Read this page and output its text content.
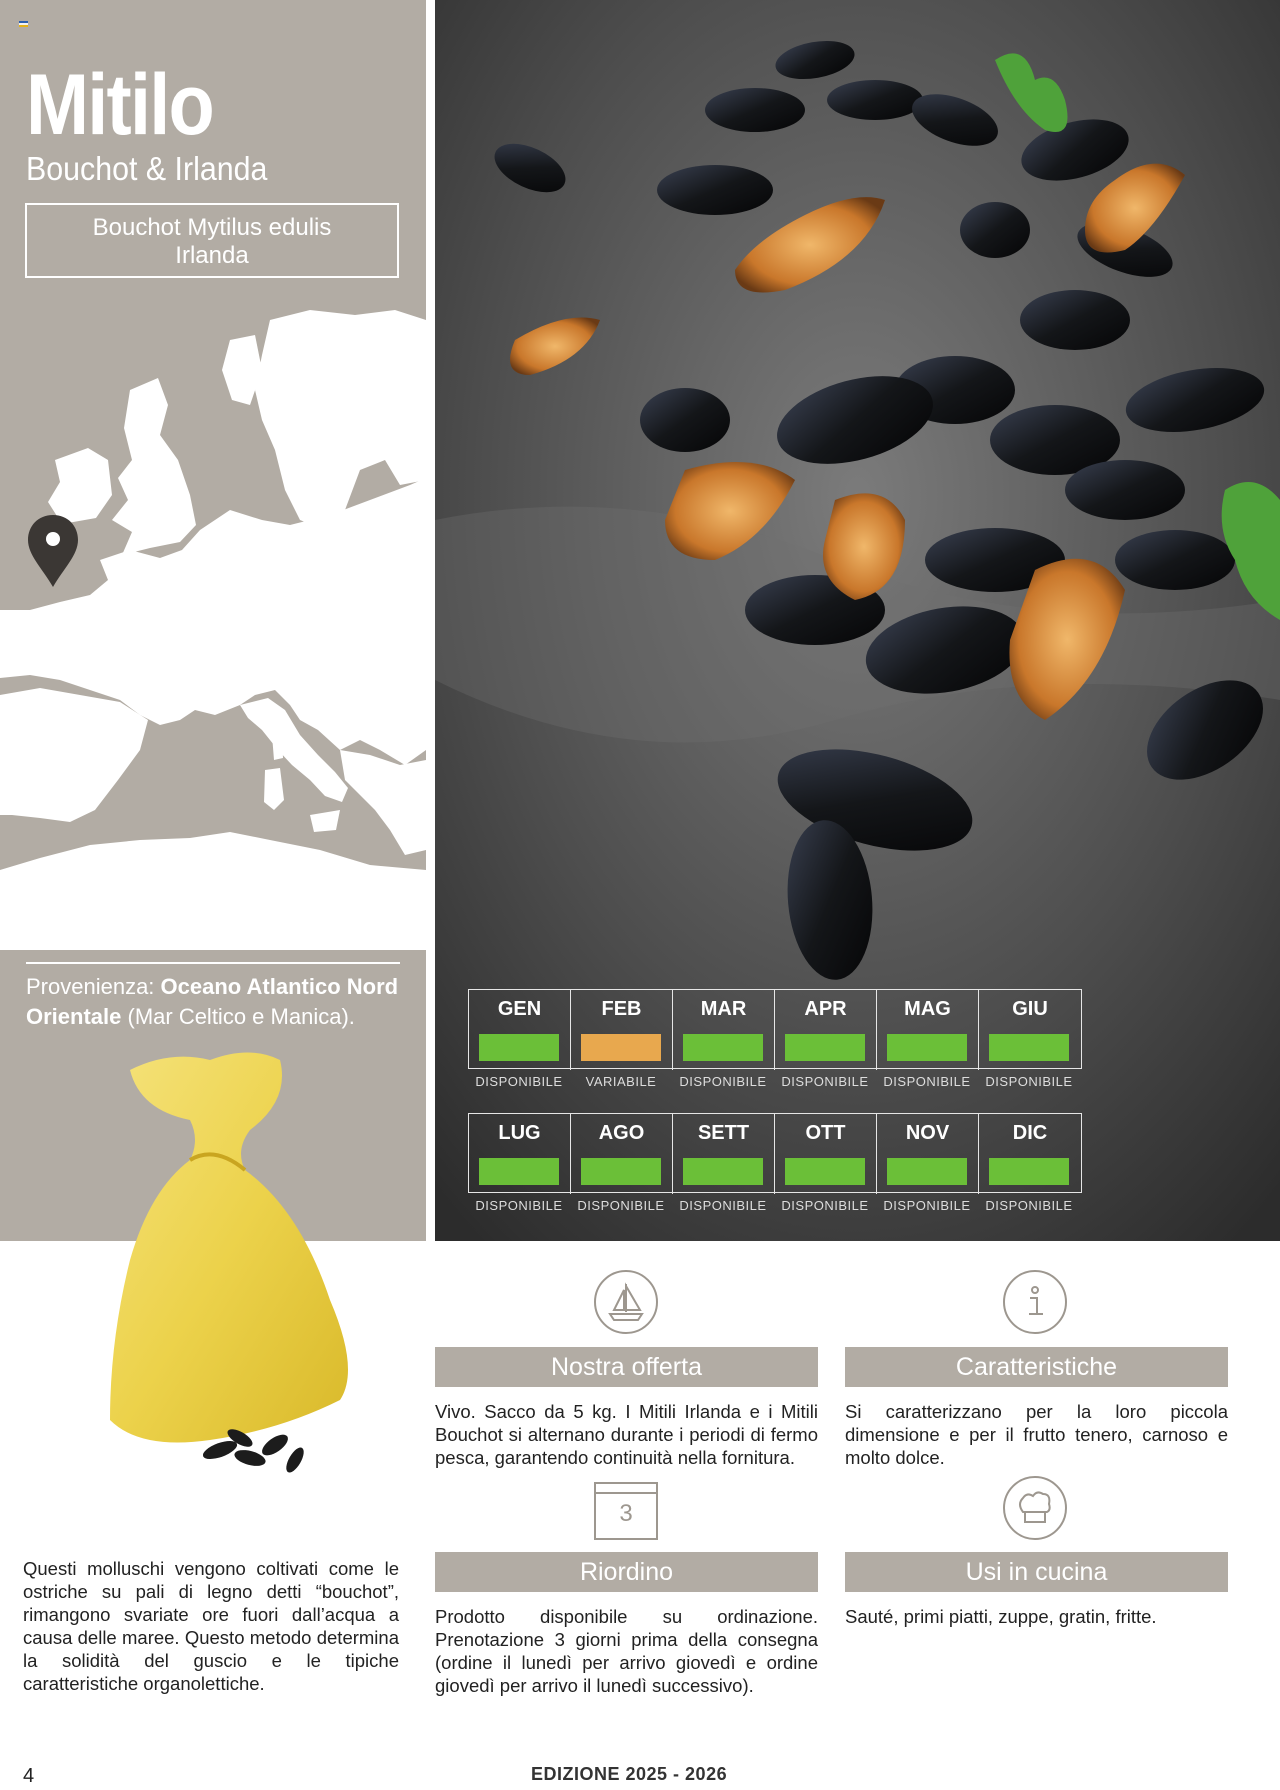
Mitilo
Bouchot & Irlanda
Bouchot Mytilus edulis
Irlanda
Provenienza: Oceano Atlantico Nord Orientale (Mar Celtico e Manica).	GEN	FEB	MAR	APR	MAG	GIU
DISPONIBILE	VARIABILE	DISPONIBILE	DISPONIBILE	DISPONIBILE	DISPONIBILE
LUG	AGO	SETT	OTT	NOV	DIC
DISPONIBILE	DISPONIBILE	DISPONIBILE	DISPONIBILE	DISPONIBILE	DISPONIBILE
Nostra offerta
Vivo. Sacco da 5 kg. I Mitili Irlanda e i Mitili Bouchot si alternano durante i periodi di fermo pesca, garantendo continuità nella fornitura.
Caratteristiche
Si caratterizzano per la loro piccola dimensione e per il frutto tenero, carnoso e molto dolce.
3
Riordino
Prodotto disponibile su ordinazione. Prenotazione 3 giorni prima della consegna (ordine il lunedì per arrivo giovedì e ordine giovedì per arrivo il lunedì successivo).
Usi in cucina
Sauté, primi piatti, zuppe, gratin, fritte.
Questi molluschi vengono coltivati come le ostriche su pali di legno detti “bouchot”, rimangono svariate ore fuori dall’acqua a causa delle maree. Questo metodo determina la solidità del guscio e le tipiche caratteristiche organolettiche.
4	EDIZIONE 2025 - 2026
